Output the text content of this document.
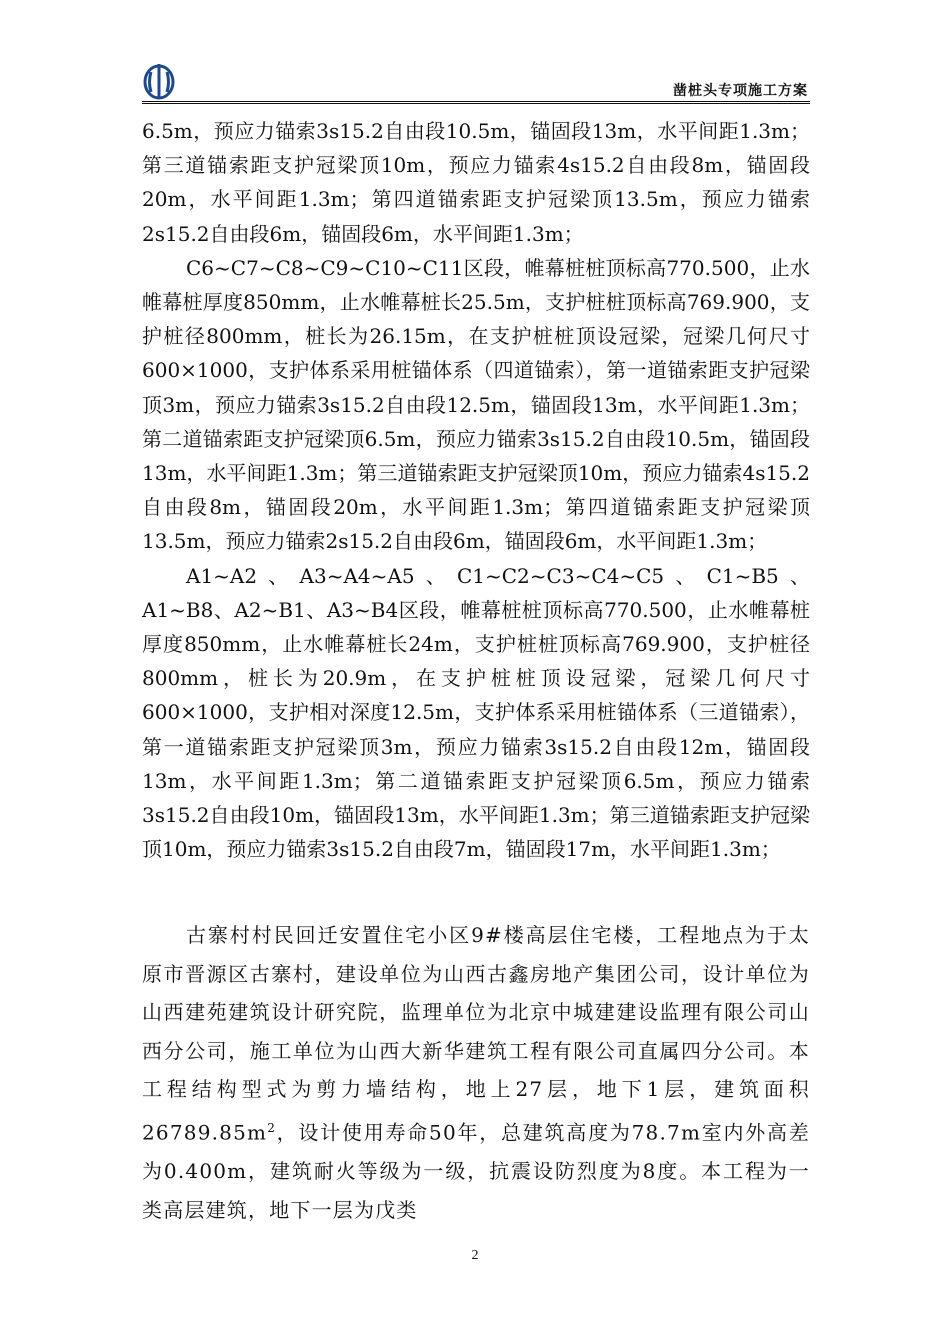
凿桩头专项施工方案

6.5m，预应力锚索3s15.2自由段10.5m，锚固段13m，水平间距1.3m；第三道锚索距支护冠梁顶10m，预应力锚索4s15.2自由段8m，锚固段20m，水平间距1.3m；第四道锚索距支护冠梁顶13.5m，预应力锚索2s15.2自由段6m，锚固段6m，水平间距1.3m；

C6~C7~C8~C9~C10~C11区段，帷幕桩桩顶标高770.500，止水帷幕桩厚度850mm，止水帷幕桩长25.5m，支护桩桩顶标高769.900，支护桩径800mm，桩长为26.15m，在支护桩桩顶设冠梁，冠梁几何尺寸600×1000，支护体系采用桩锚体系（四道锚索），第一道锚索距支护冠梁顶3m，预应力锚索3s15.2自由段12.5m，锚固段13m，水平间距1.3m；第二道锚索距支护冠梁顶6.5m，预应力锚索3s15.2自由段10.5m，锚固段13m，水平间距1.3m；第三道锚索距支护冠梁顶10m，预应力锚索4s15.2自由段8m，锚固段20m，水平间距1.3m；第四道锚索距支护冠梁顶13.5m，预应力锚索2s15.2自由段6m，锚固段6m，水平间距1.3m；

A1~A2、A3~A4~A5、C1~C2~C3~C4~C5、C1~B5、A1~B8、A2~B1、A3~B4区段，帷幕桩桩顶标高770.500，止水帷幕桩厚度850mm，止水帷幕桩长24m，支护桩桩顶标高769.900，支护桩径800mm，桩长为20.9m，在支护桩桩顶设冠梁，冠梁几何尺寸600×1000，支护相对深度12.5m，支护体系采用桩锚体系（三道锚索），第一道锚索距支护冠梁顶3m，预应力锚索3s15.2自由段12m，锚固段13m，水平间距1.3m；第二道锚索距支护冠梁顶6.5m，预应力锚索3s15.2自由段10m，锚固段13m，水平间距1.3m；第三道锚索距支护冠梁顶10m，预应力锚索3s15.2自由段7m，锚固段17m，水平间距1.3m；

古寨村村民回迁安置住宅小区9#楼高层住宅楼，工程地点为于太原市晋源区古寨村，建设单位为山西古鑫房地产集团公司，设计单位为山西建苑建筑设计研究院，监理单位为北京中城建建设监理有限公司山西分公司，施工单位为山西大新华建筑工程有限公司直属四分公司。本工程结构型式为剪力墙结构，地上27层，地下1层，建筑面积$26789.85m^2$，设计使用寿命50年，总建筑高度为78.7m室内外高差为0.400m，建筑耐火等级为一级，抗震设防烈度为8度。本工程为一类高层建筑，地下一层为戊类

2
